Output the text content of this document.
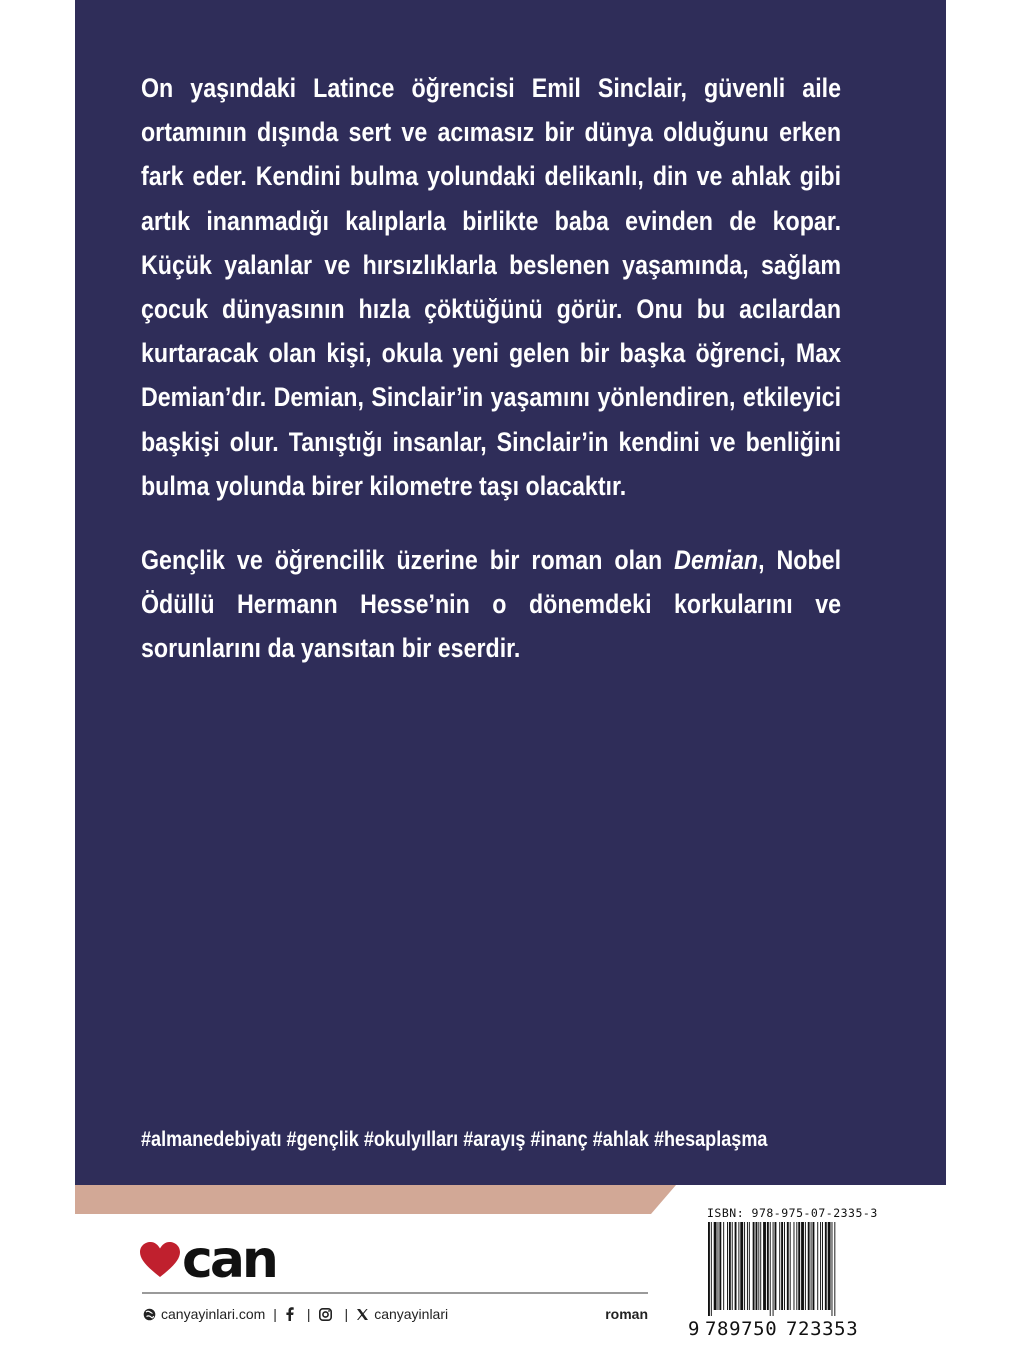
On yaşındaki Latince öğrencisi Emil Sinclair, güvenli aile ortamının dışında sert ve acımasız bir dünya olduğunu erken fark eder. Kendini bulma yolundaki delikanlı, din ve ahlak gibi artık inanmadığı kalıplarla birlikte baba evinden de kopar. Küçük yalanlar ve hırsızlıklarla beslenen yaşamında, sağlam çocuk dünyasının hızla çöktüğünü görür. Onu bu acılardan kurtaracak olan kişi, okula yeni gelen bir başka öğrenci, Max Demian’dır. Demian, Sinclair’in yaşamını yönlendiren, etkileyici başkişi olur. Tanıştığı insanlar, Sinclair’in kendini ve benliğini bulma yolunda birer kilometre taşı olacaktır.

Gençlik ve öğrencilik üzerine bir roman olan Demian, Nobel Ödüllü Hermann Hesse’nin o dönemdeki korkularını ve sorunlarını da yansıtan bir eserdir.

#almanedebiyatı #gençlik #okulyılları #arayış #inanç #ahlak #hesaplaşma
can
canyayinlari.com | | | canyayinlari	roman
ISBN: 978-975-07-2335-3
9 789750 723353
